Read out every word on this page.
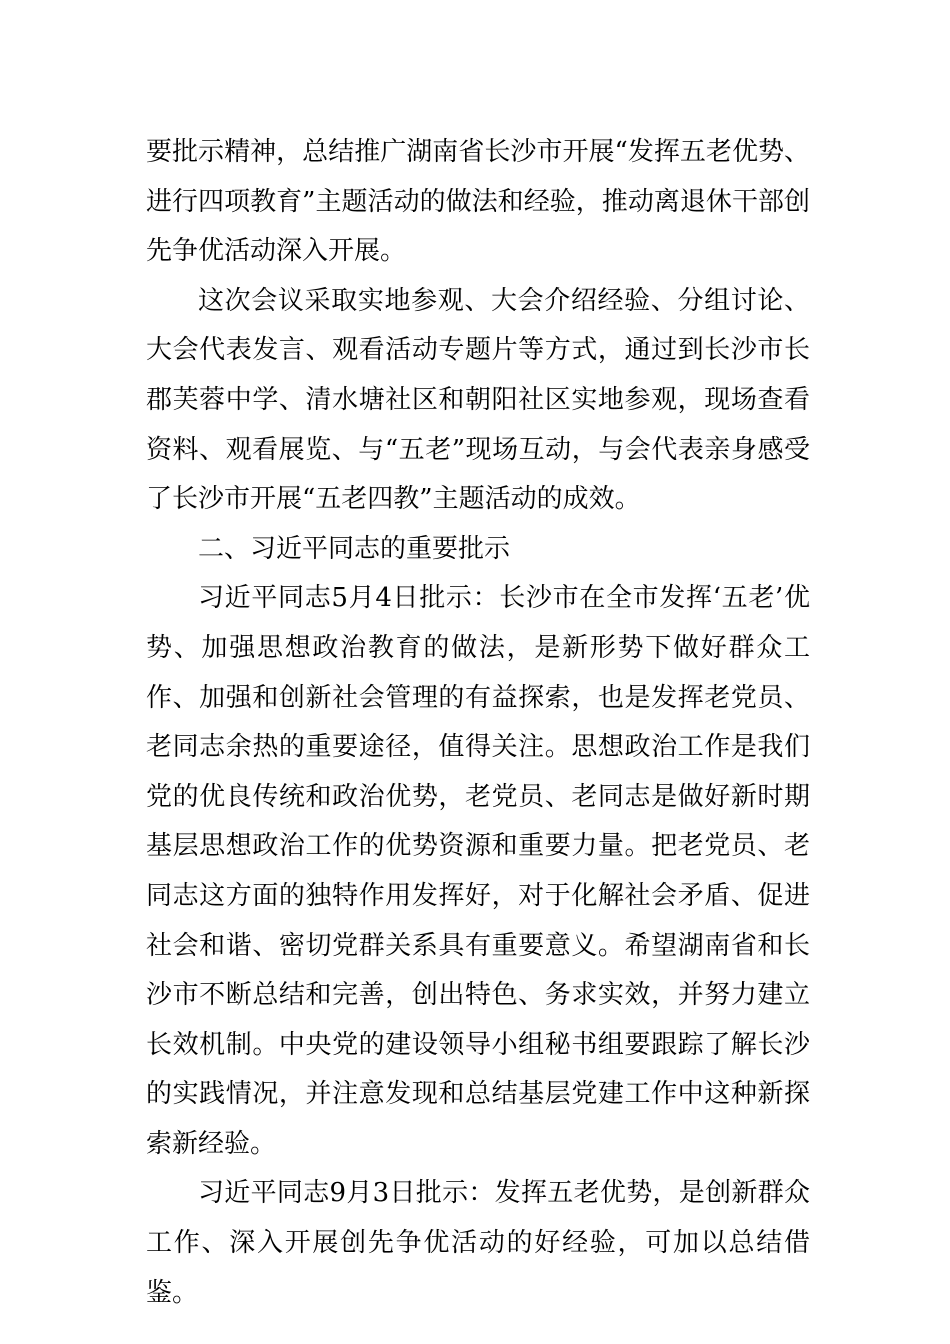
要批示精神，总结推广湖南省长沙市开展“发挥五老优势、进行四项教育”主题活动的做法和经验，推动离退休干部创先争优活动深入开展。

这次会议采取实地参观、大会介绍经验、分组讨论、大会代表发言、观看活动专题片等方式，通过到长沙市长郡芙蓉中学、清水塘社区和朝阳社区实地参观，现场查看资料、观看展览、与“五老”现场互动，与会代表亲身感受了长沙市开展“五老四教”主题活动的成效。

二、习近平同志的重要批示

习近平同志5月4日批示：长沙市在全市发挥‘五老’优势、加强思想政治教育的做法，是新形势下做好群众工作、加强和创新社会管理的有益探索，也是发挥老党员、老同志余热的重要途径，值得关注。思想政治工作是我们党的优良传统和政治优势，老党员、老同志是做好新时期基层思想政治工作的优势资源和重要力量。把老党员、老同志这方面的独特作用发挥好，对于化解社会矛盾、促进社会和谐、密切党群关系具有重要意义。希望湖南省和长沙市不断总结和完善，创出特色、务求实效，并努力建立长效机制。中央党的建设领导小组秘书组要跟踪了解长沙的实践情况，并注意发现和总结基层党建工作中这种新探索新经验。

习近平同志9月3日批示：发挥五老优势，是创新群众工作、深入开展创先争优活动的好经验，可加以总结借鉴。
